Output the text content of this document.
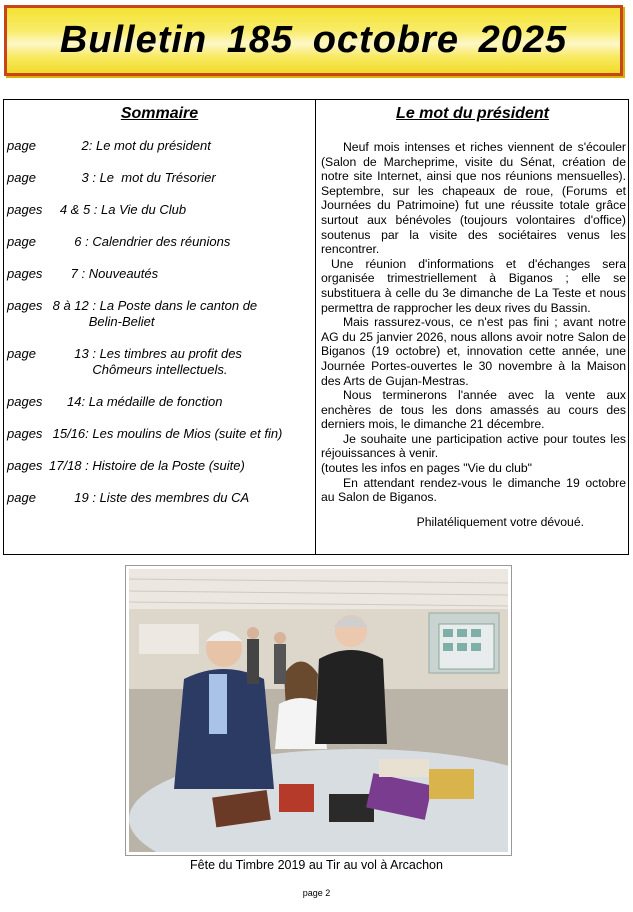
Bulletin 185 octobre 2025
Sommaire
page	2: Le mot du président
page	3 : Le  mot du Trésorier
pages 4 & 5 : La Vie du Club
page	6 : Calendrier des réunions
pages 7 : Nouveautés
pages 8 à 12 : La Poste dans le canton de
Belin-Beliet
page	13 : Les timbres au profit des
Chômeurs intellectuels.
pages 14: La médaille de fonction
pages 15/16: Les moulins de Mios (suite et fin)
pages 17/18 : Histoire de la Poste (suite)
page	19 : Liste des membres du CA
Le mot du président

Neuf mois intenses et riches viennent de s'écouler (Salon de Marcheprime, visite du Sénat, création de notre site Internet, ainsi que nos réunions mensuelles). Septembre, sur les chapeaux de roue, (Forums et Journées du Patrimoine) fut une réussite totale grâce surtout aux bénévoles (toujours volontaires d'office) soutenus par la visite des sociétaires venus les rencontrer.

Une réunion d'informations et d'échanges sera organisée trimestriellement à Biganos ; elle se substituera à celle du 3e dimanche de La Teste et nous permettra de rapprocher les deux rives du Bassin.

Mais rassurez-vous, ce n'est pas fini ; avant notre AG du 25 janvier 2026, nous allons avoir notre Salon de Biganos (19 octobre) et, innovation cette année, une Journée Portes-ouvertes le 30 novembre à la Maison des Arts de Gujan-Mestras.

Nous terminerons l'année avec la vente aux enchères de tous les dons amassés au cours des derniers mois, le dimanche 21 décembre.

Je souhaite une participation active pour toutes les réjouissances à venir.

(toutes les infos en pages "Vie du club"

En attendant rendez-vous le dimanche 19 octobre au Salon de Biganos.

Philatéliquement votre dévoué.

Fête du Timbre 2019 au Tir au vol à Arcachon
page 2
